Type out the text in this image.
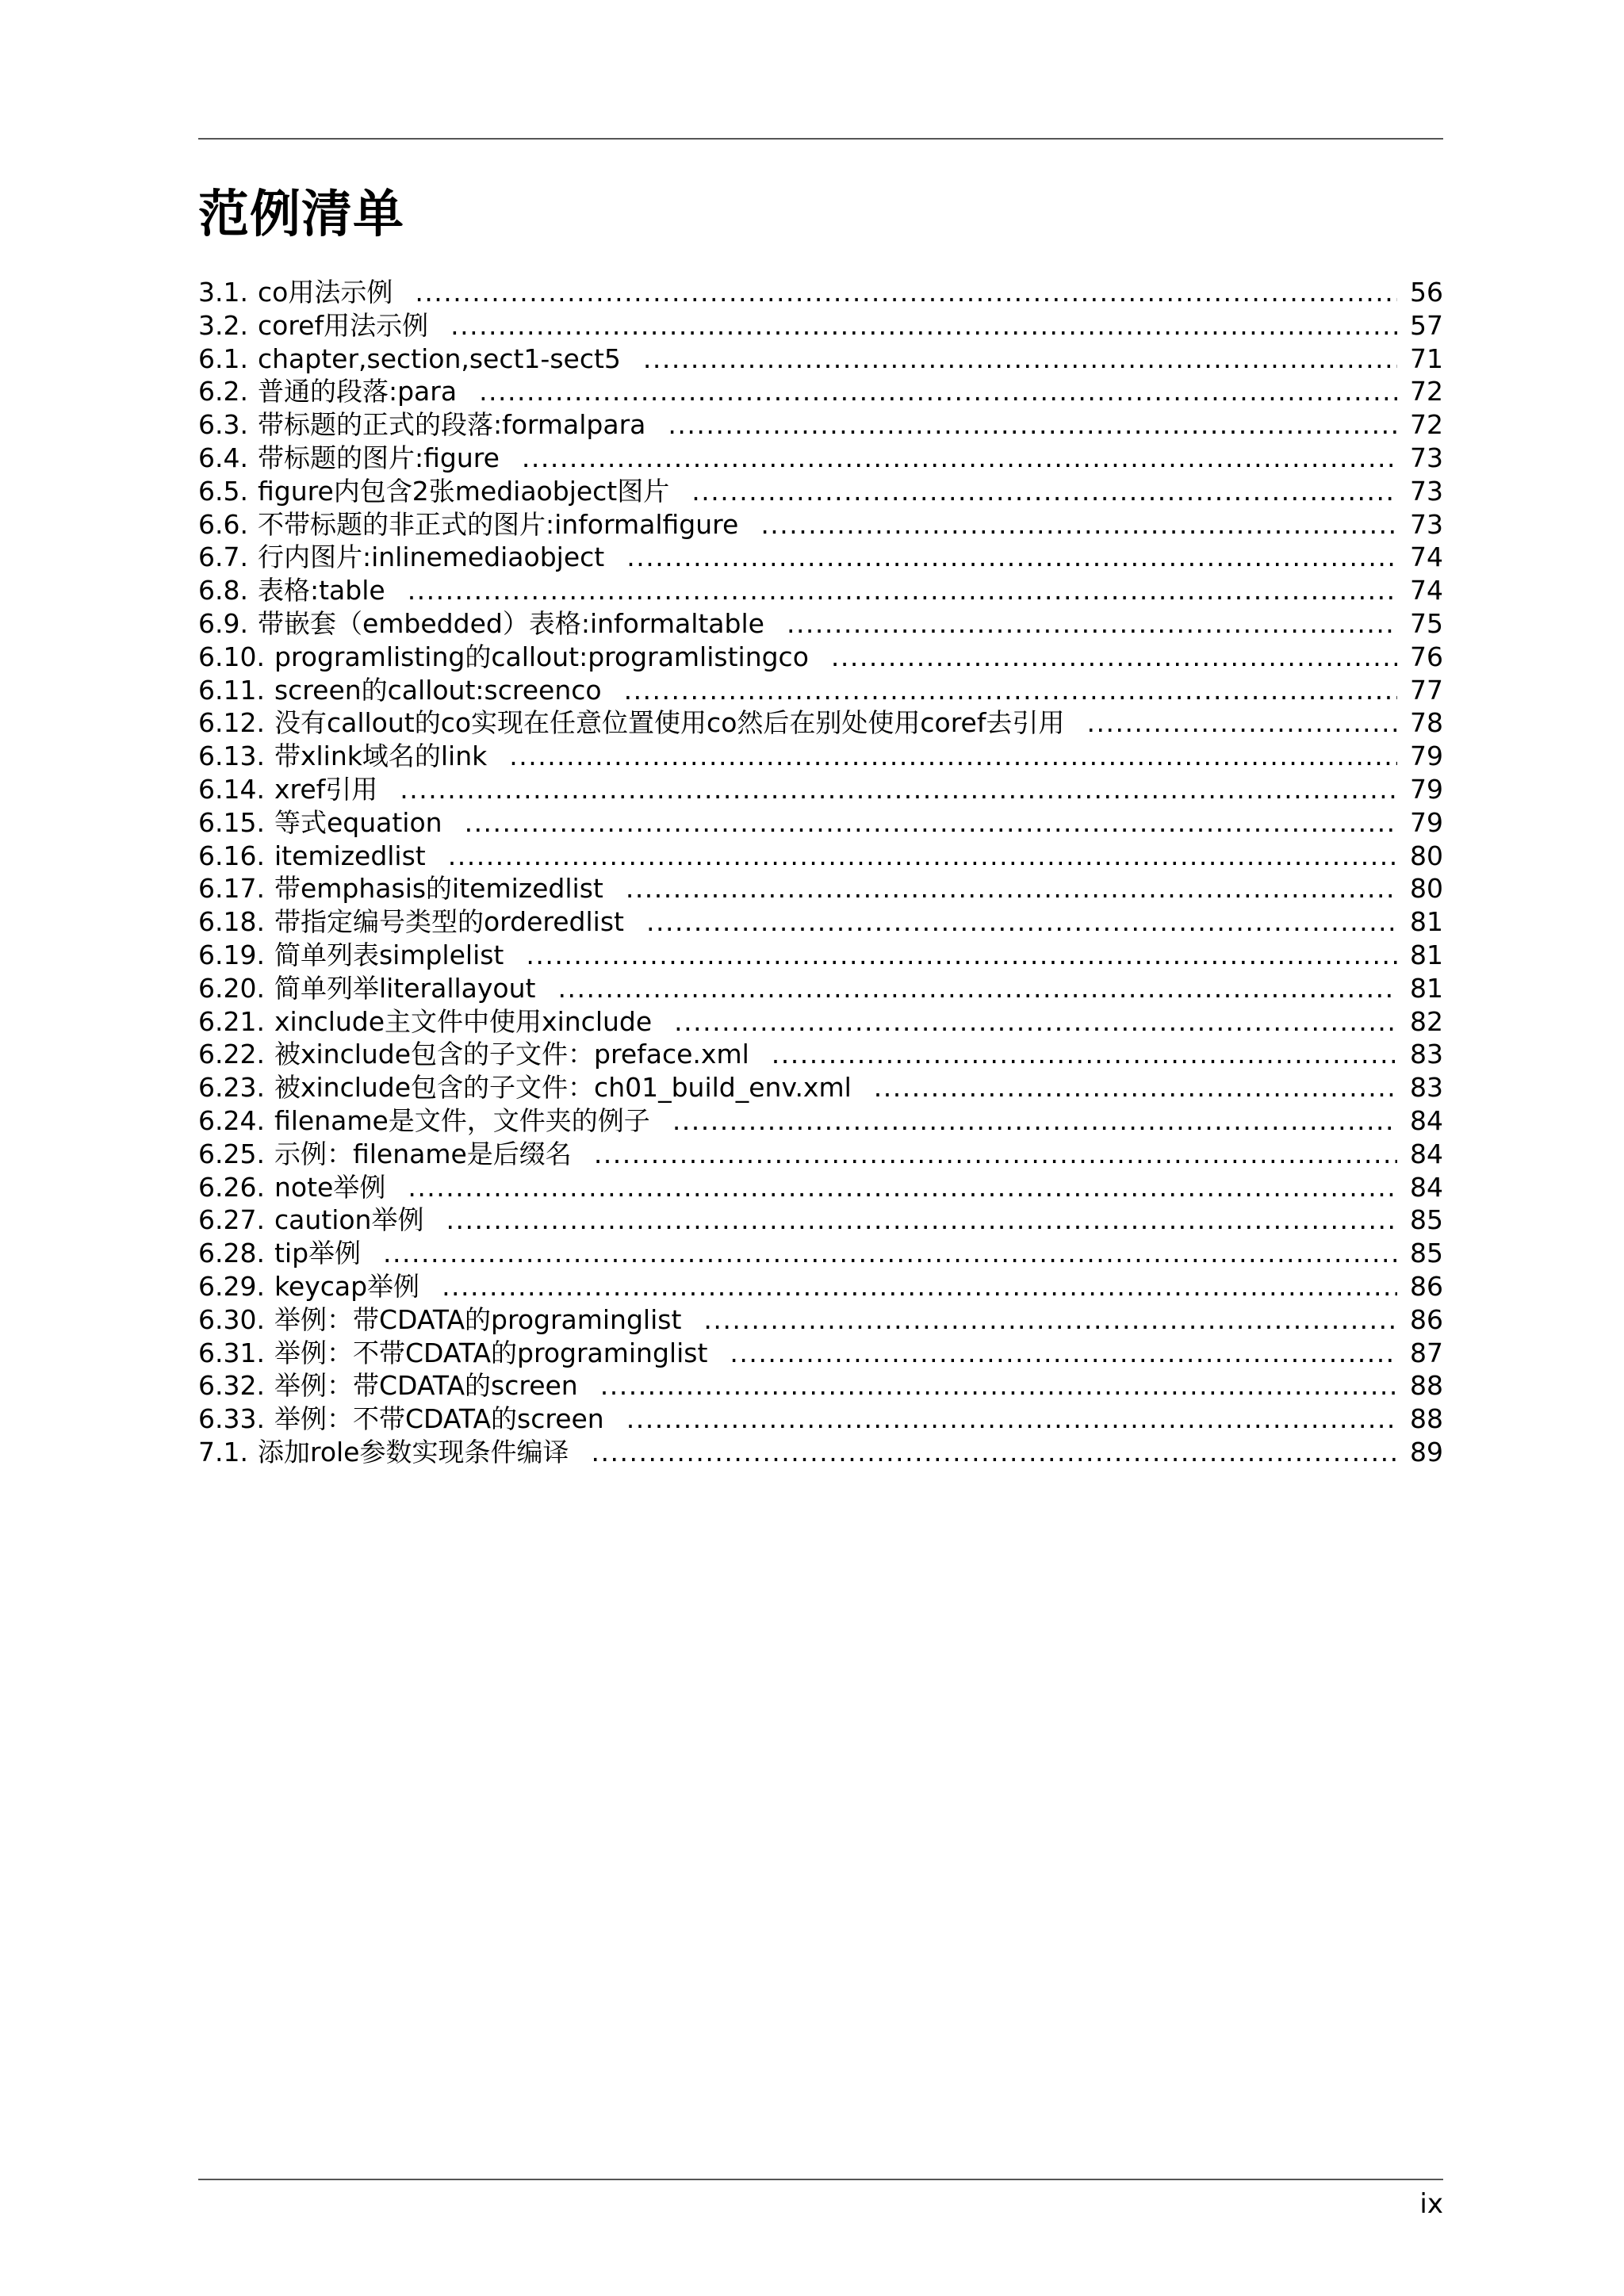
范例清单
3.1. co用法示例 .....	56
3.2. coref用法示例 .....	57
6.1. chapter,section,sect1-sect5 .....	71
6.2. 普通的段落:para .....	72
6.3. 带标题的正式的段落:formalpara .....	72
6.4. 带标题的图片:figure .....	73
6.5. figure内包含2张mediaobject图片 .....	73
6.6. 不带标题的非正式的图片:informalfigure .....	73
6.7. 行内图片:inlinemediaobject .....	74
6.8. 表格:table .....	74
6.9. 带嵌套（embedded）表格:informaltable .....	75
6.10. programlisting的callout:programlistingco .....	76
6.11. screen的callout:screenco .....	77
6.12. 没有callout的co实现在任意位置使用co然后在别处使用coref去引用 .....	78
6.13. 带xlink域名的link .....	79
6.14. xref引用 .....	79
6.15. 等式equation .....	79
6.16. itemizedlist .....	80
6.17. 带emphasis的itemizedlist .....	80
6.18. 带指定编号类型的orderedlist .....	81
6.19. 简单列表simplelist .....	81
6.20. 简单列举literallayout .....	81
6.21. xinclude主文件中使用xinclude .....	82
6.22. 被xinclude包含的子文件：preface.xml .....	83
6.23. 被xinclude包含的子文件：ch01_build_env.xml .....	83
6.24. filename是文件，文件夹的例子 .....	84
6.25. 示例：filename是后缀名 .....	84
6.26. note举例 .....	84
6.27. caution举例 .....	85
6.28. tip举例 .....	85
6.29. keycap举例 .....	86
6.30. 举例：带CDATA的programinglist .....	86
6.31. 举例：不带CDATA的programinglist .....	87
6.32. 举例：带CDATA的screen .....	88
6.33. 举例：不带CDATA的screen .....	88
7.1. 添加role参数实现条件编译 .....	89
ix
